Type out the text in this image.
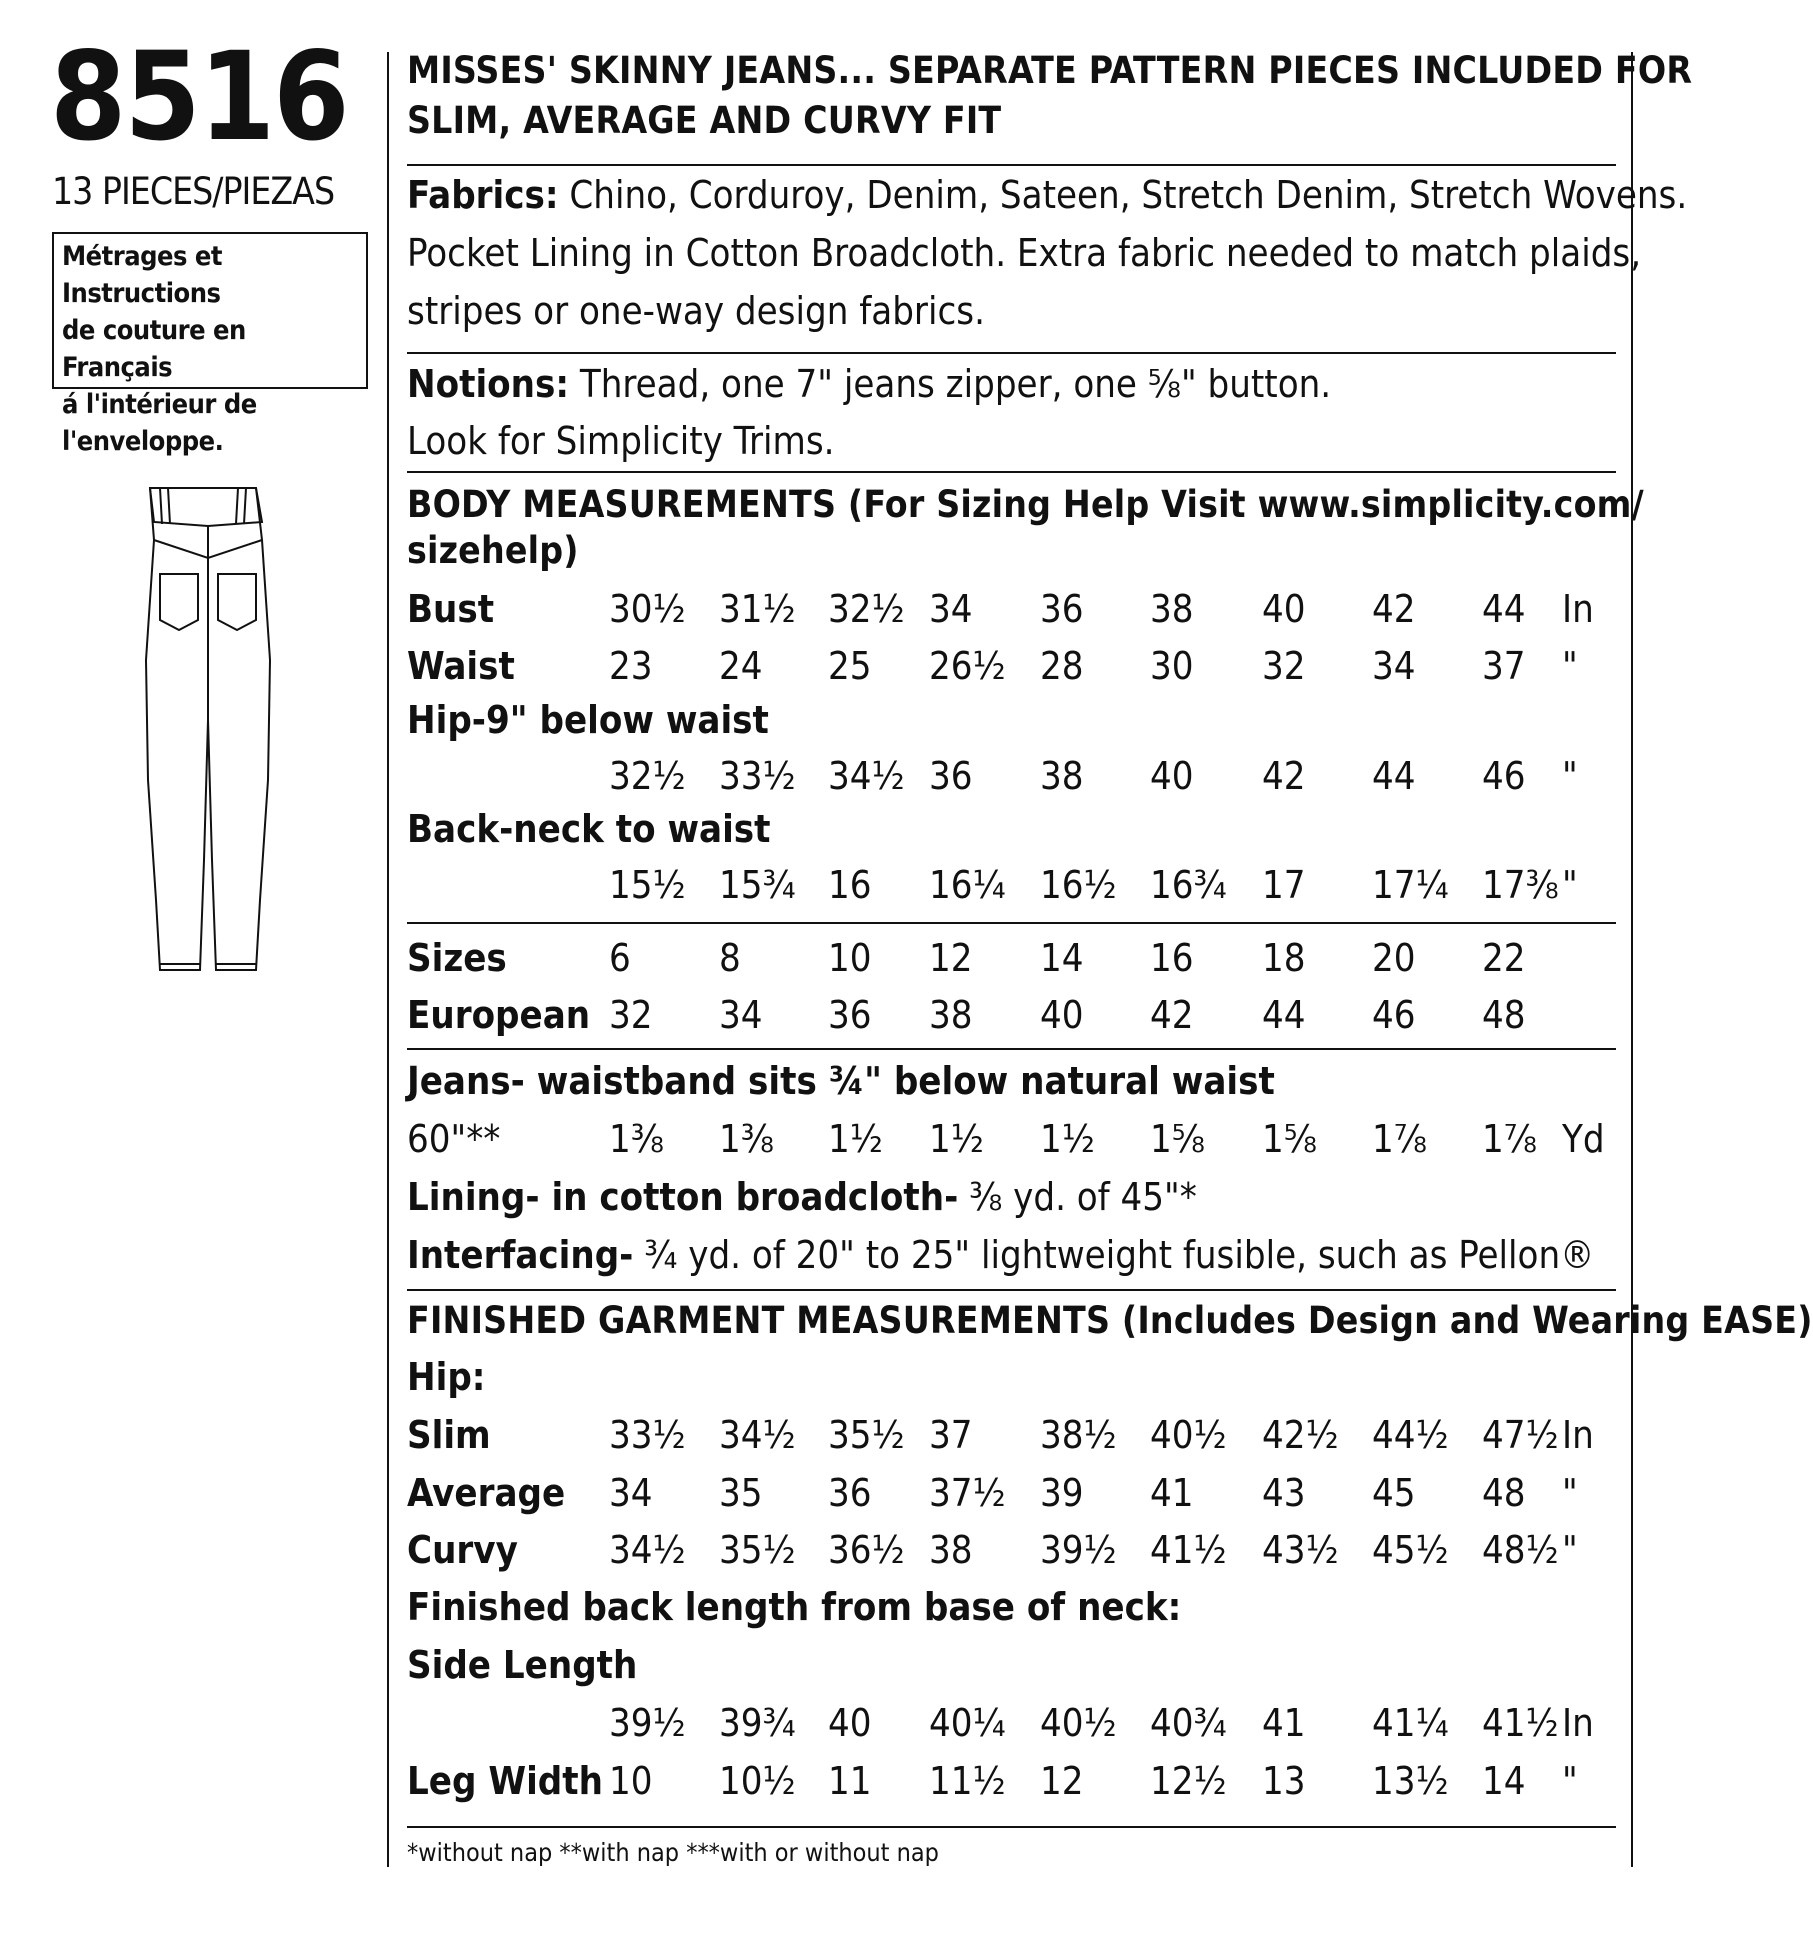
8516
13 PIECES/PIEZAS
Métrages et Instructions
de couture en Français
á l'intérieur de
l'enveloppe.
MISSES' SKINNY JEANS... SEPARATE PATTERN PIECES INCLUDED FOR
SLIM, AVERAGE AND CURVY FIT
Fabrics: Chino, Corduroy, Denim, Sateen, Stretch Denim, Stretch Wovens.
Pocket Lining in Cotton Broadcloth. Extra fabric needed to match plaids,
stripes or one-way design fabrics.
Notions: Thread, one 7" jeans zipper, one ⅝" button.
Look for Simplicity Trims.
BODY MEASUREMENTS (For Sizing Help Visit www.simplicity.com/
sizehelp)
Bust	30½ 31½ 32½ 34 36 38 40 42 44 In
Waist 23 24 25 26½ 28 30 32 34 37 "
Hip-9" below waist
32½ 33½ 34½ 36 38 40 42 44 46 "
Back-neck to waist
15½ 15¾ 16 16¼ 16½ 16¾ 17 17¼ 17⅜ "
Sizes	6 8 10 12 14 16 18 20 22
European 32 34 36 38 40 42 44 46 48
60"**	1⅜ 1⅜ 1½ 1½ 1½ 1⅝ 1⅝ 1⅞ 1⅞ Yd
Slim	33½ 34½ 35½ 37 38½ 40½ 42½ 44½ 47½ In
Average 34 35 36 37½ 39 41 43 45 48 "
Curvy 34½ 35½ 36½ 38 39½ 41½ 43½ 45½ 48½ "
39½ 39¾ 40 40¼ 40½ 40¾ 41 41¼ 41½ In
Leg Width 10 10½ 11 11½ 12 12½ 13 13½ 14 "
Jeans- waistband sits ¾" below natural waist
Lining- in cotton broadcloth- ⅜ yd. of 45"*
Interfacing- ¾ yd. of 20" to 25" lightweight fusible, such as Pellon®
FINISHED GARMENT MEASUREMENTS (Includes Design and Wearing EASE)
Hip:
Finished back length from base of neck:
Side Length
*without nap **with nap ***with or without nap
